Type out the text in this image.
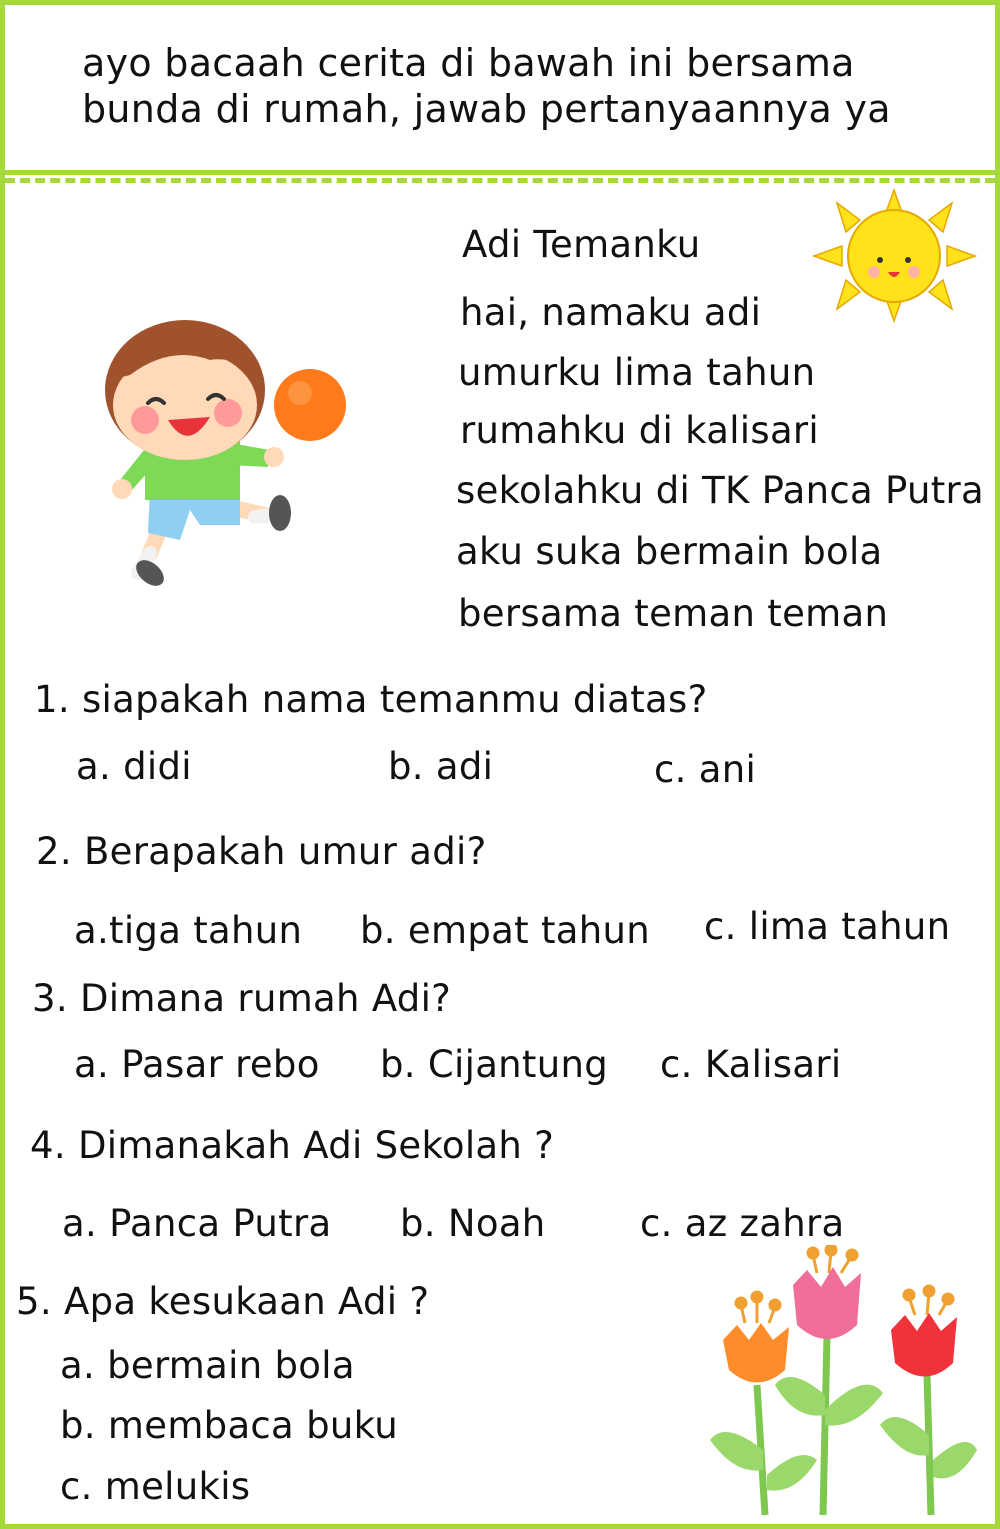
ayo bacaah cerita di bawah ini bersama
bunda di rumah, jawab pertanyaannya ya
Adi Temanku
hai, namaku adi
umurku lima tahun
rumahku di kalisari
sekolahku di TK Panca Putra
aku suka bermain bola
bersama teman teman
1. siapakah nama temanmu diatas?
a. didi	b. adi	c. ani
2. Berapakah umur adi?
a.tiga tahun b. empat tahun c. lima tahun
3. Dimana rumah Adi?
a. Pasar rebo b. Cijantung c. Kalisari
4. Dimanakah Adi Sekolah ?
a. Panca Putra b. Noah	c. az zahra
5. Apa kesukaan Adi ?
a. bermain bola
b. membaca buku
c. melukis
